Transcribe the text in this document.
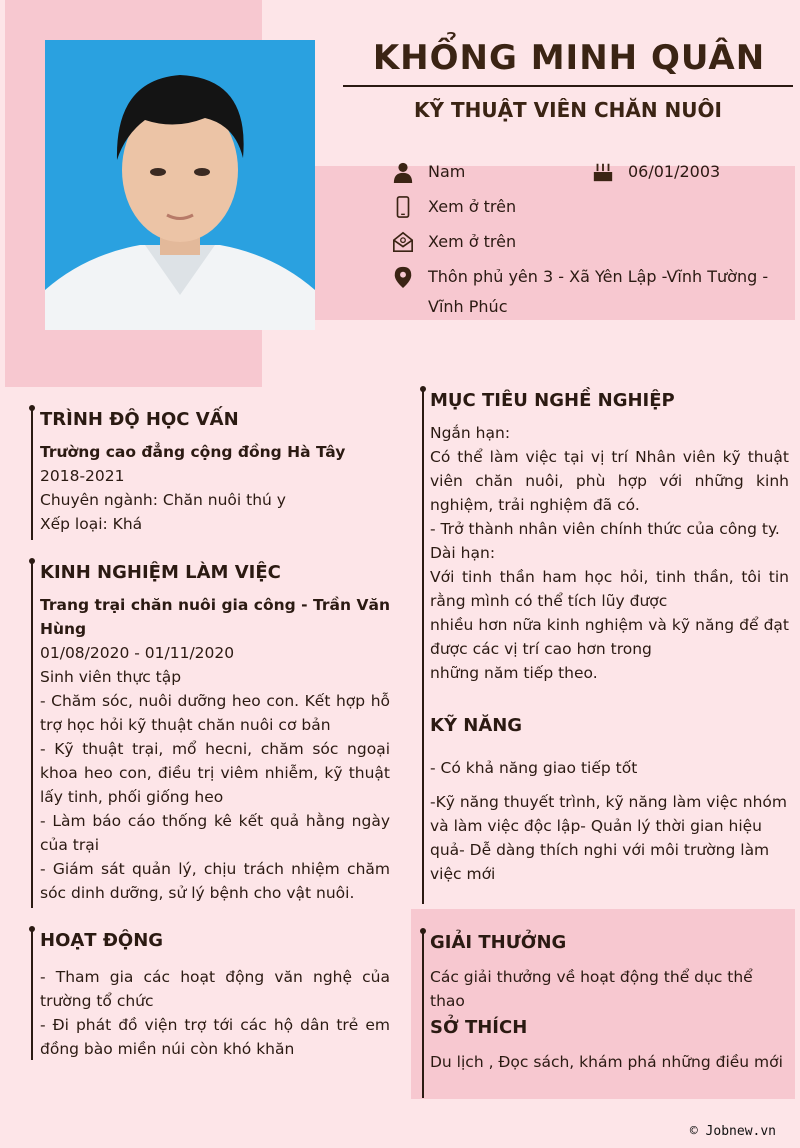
KHỔNG MINH QUÂN
KỸ THUẬT VIÊN CHĂN NUÔI
Nam	06/01/2003
Xem ở trên
Xem ở trên
Thôn phủ yên 3 - Xã Yên Lập -Vĩnh Tường - Vĩnh Phúc
TRÌNH ĐỘ HỌC VẤN

Trường cao đẳng cộng đồng Hà Tây

2018-2021

Chuyên ngành: Chăn nuôi thú y

Xếp loại: Khá

KINH NGHIỆM LÀM VIỆC

Trang trại chăn nuôi gia công - Trần Văn Hùng

01/08/2020 - 01/11/2020

Sinh viên thực tập

- Chăm sóc, nuôi dưỡng heo con. Kết hợp hỗ trợ học hỏi kỹ thuật chăn nuôi cơ bản

- Kỹ thuật trại, mổ hecni, chăm sóc ngoại khoa heo con, điều trị viêm nhiễm, kỹ thuật lấy tinh, phối giống heo

- Làm báo cáo thống kê kết quả hằng ngày của trại

- Giám sát quản lý, chịu trách nhiệm chăm sóc dinh dưỡng, sử lý bệnh cho vật nuôi.

HOẠT ĐỘNG

- Tham gia các hoạt động văn nghệ của trường tổ chức

- Đi phát đồ viện trợ tới các hộ dân trẻ em đồng bào miền núi còn khó khăn

MỤC TIÊU NGHỀ NGHIỆP

Ngắn hạn:

Có thể làm việc tại vị trí Nhân viên kỹ thuật viên chăn nuôi, phù hợp với những kinh nghiệm, trải nghiệm đã có.

- Trở thành nhân viên chính thức của công ty.

Dài hạn:

Với tinh thần ham học hỏi, tinh thần, tôi tin rằng mình có thể tích lũy được

nhiều hơn nữa kinh nghiệm và kỹ năng để đạt được các vị trí cao hơn trong

những năm tiếp theo.

KỸ NĂNG

- Có khả năng giao tiếp tốt

-Kỹ năng thuyết trình, kỹ năng làm việc nhóm và làm việc độc lập- Quản lý thời gian hiệu quả- Dễ dàng thích nghi với môi trường làm việc mới

GIẢI THƯỞNG

Các giải thưởng về hoạt động thể dục thể thao

SỞ THÍCH

Du lịch , Đọc sách, khám phá những điều mới

© Jobnew.vn
